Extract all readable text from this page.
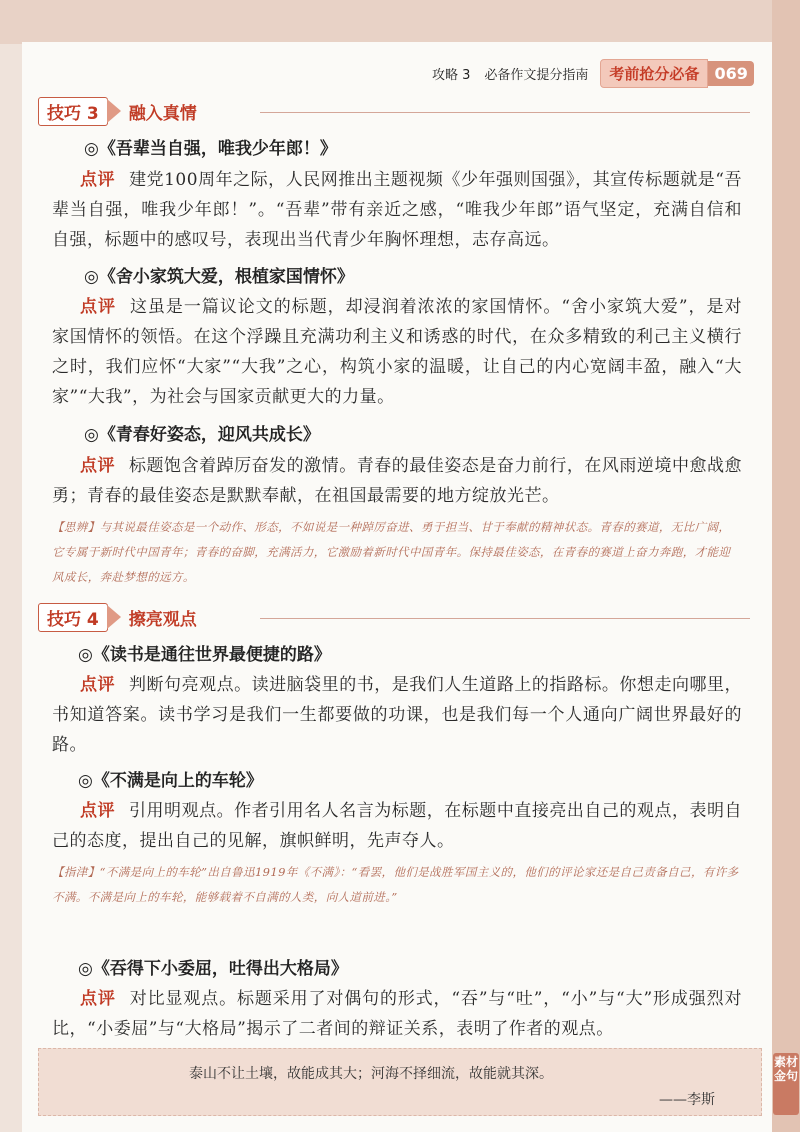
攻略 3 必备作文提分指南	考前抢分必备 069
技巧 3	融入真情
◎《吾辈当自强，唯我少年郎！》
点评 建党100周年之际，人民网推出主题视频《少年强则国强》，其宣传标题就是“吾辈当自强，唯我少年郎！”。“吾辈”带有亲近之感，“唯我少年郎”语气坚定，充满自信和自强，标题中的感叹号，表现出当代青少年胸怀理想，志存高远。
◎《舍小家筑大爱，根植家国情怀》
点评 这虽是一篇议论文的标题，却浸润着浓浓的家国情怀。“舍小家筑大爱”，是对家国情怀的领悟。在这个浮躁且充满功利主义和诱惑的时代，在众多精致的利己主义横行之时，我们应怀“大家”“大我”之心，构筑小家的温暖，让自己的内心宽阔丰盈，融入“大家”“大我”，为社会与国家贡献更大的力量。
◎《青春好姿态，迎风共成长》
点评 标题饱含着踔厉奋发的激情。青春的最佳姿态是奋力前行，在风雨逆境中愈战愈勇；青春的最佳姿态是默默奉献，在祖国最需要的地方绽放光芒。
【思辨】与其说最佳姿态是一个动作、形态，不如说是一种踔厉奋进、勇于担当、甘于奉献的精神状态。青春的赛道，无比广阔，它专属于新时代中国青年；青春的奋脚，充满活力，它激励着新时代中国青年。保持最佳姿态，在青春的赛道上奋力奔跑，才能迎风成长，奔赴梦想的远方。
技巧 4	擦亮观点
◎《读书是通往世界最便捷的路》
点评 判断句亮观点。读进脑袋里的书，是我们人生道路上的指路标。你想走向哪里，书知道答案。读书学习是我们一生都要做的功课，也是我们每一个人通向广阔世界最好的路。
◎《不满是向上的车轮》
点评 引用明观点。作者引用名人名言为标题，在标题中直接亮出自己的观点，表明自己的态度，提出自己的见解，旗帜鲜明，先声夺人。
【指津】“不满是向上的车轮”出自鲁迅1919年《不满》：“看罢，他们是战胜军国主义的，他们的评论家还是自己责备自己，有许多不满。不满是向上的车轮，能够载着不自满的人类，向人道前进。”
◎《吞得下小委屈，吐得出大格局》
点评 对比显观点。标题采用了对偶句的形式，“吞”与“吐”，“小”与“大”形成强烈对比，“小委屈”与“大格局”揭示了二者间的辩证关系，表明了作者的观点。
泰山不让土壤，故能成其大；河海不择细流，故能就其深。
——李斯
素材金句
